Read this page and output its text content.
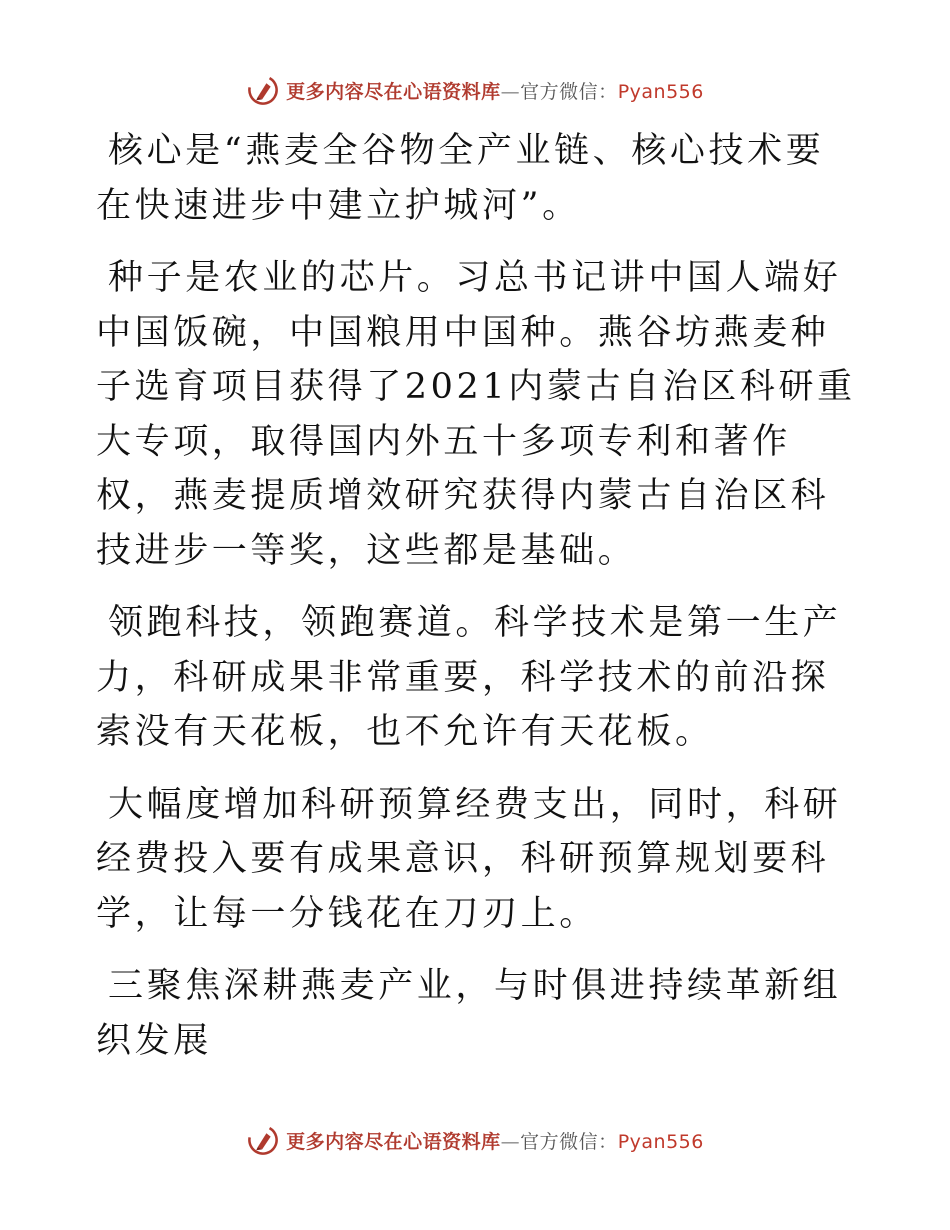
更多内容尽在心语资料库—官方微信：Pyan556

核心是“燕麦全谷物全产业链、核心技术要在快速进步中建立护城河”。

种子是农业的芯片。习总书记讲中国人端好中国饭碗，中国粮用中国种。燕谷坊燕麦种子选育项目获得了2021内蒙古自治区科研重大专项，取得国内外五十多项专利和著作权，燕麦提质增效研究获得内蒙古自治区科技进步一等奖，这些都是基础。

领跑科技，领跑赛道。科学技术是第一生产力，科研成果非常重要，科学技术的前沿探索没有天花板，也不允许有天花板。

大幅度增加科研预算经费支出，同时，科研经费投入要有成果意识，科研预算规划要科学，让每一分钱花在刀刃上。

三聚焦深耕燕麦产业，与时俱进持续革新组织发展

更多内容尽在心语资料库—官方微信：Pyan556
